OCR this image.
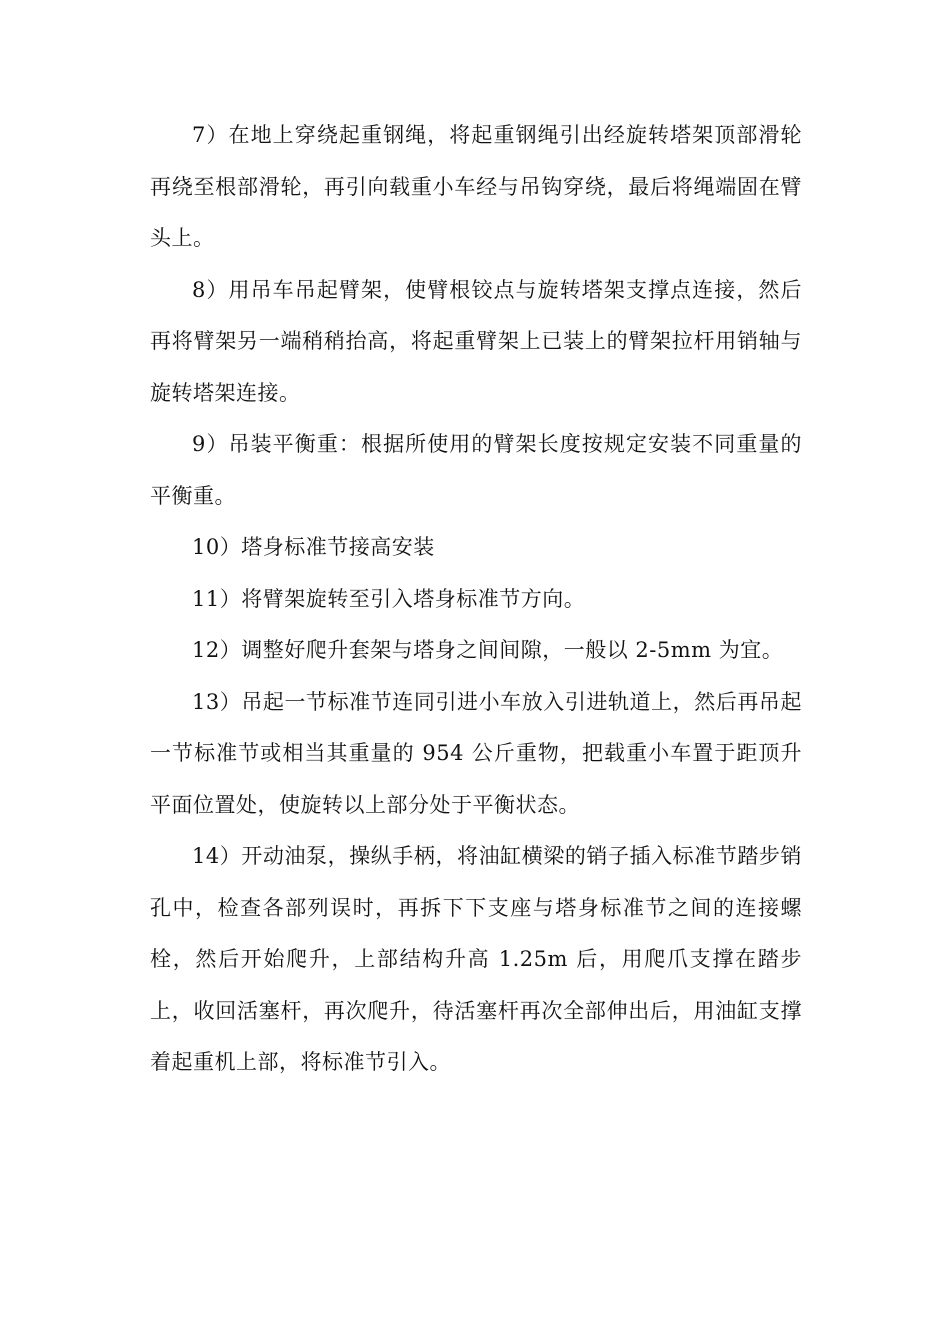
7）在地上穿绕起重钢绳，将起重钢绳引出经旋转塔架顶部滑轮再绕至根部滑轮，再引向载重小车经与吊钩穿绕，最后将绳端固在臂头上。

8）用吊车吊起臂架，使臂根铰点与旋转塔架支撑点连接，然后再将臂架另一端稍稍抬高，将起重臂架上已装上的臂架拉杆用销轴与旋转塔架连接。

9）吊装平衡重：根据所使用的臂架长度按规定安装不同重量的平衡重。

10）塔身标准节接高安装

11）将臂架旋转至引入塔身标准节方向。

12）调整好爬升套架与塔身之间间隙，一般以 2-5mm 为宜。

13）吊起一节标准节连同引进小车放入引进轨道上，然后再吊起一节标准节或相当其重量的 954 公斤重物，把载重小车置于距顶升平面位置处，使旋转以上部分处于平衡状态。

14）开动油泵，操纵手柄，将油缸横梁的销子插入标准节踏步销孔中，检查各部列误时，再拆下下支座与塔身标准节之间的连接螺栓，然后开始爬升，上部结构升高 1.25m 后，用爬爪支撑在踏步上，收回活塞杆，再次爬升，待活塞杆再次全部伸出后，用油缸支撑着起重机上部，将标准节引入。
